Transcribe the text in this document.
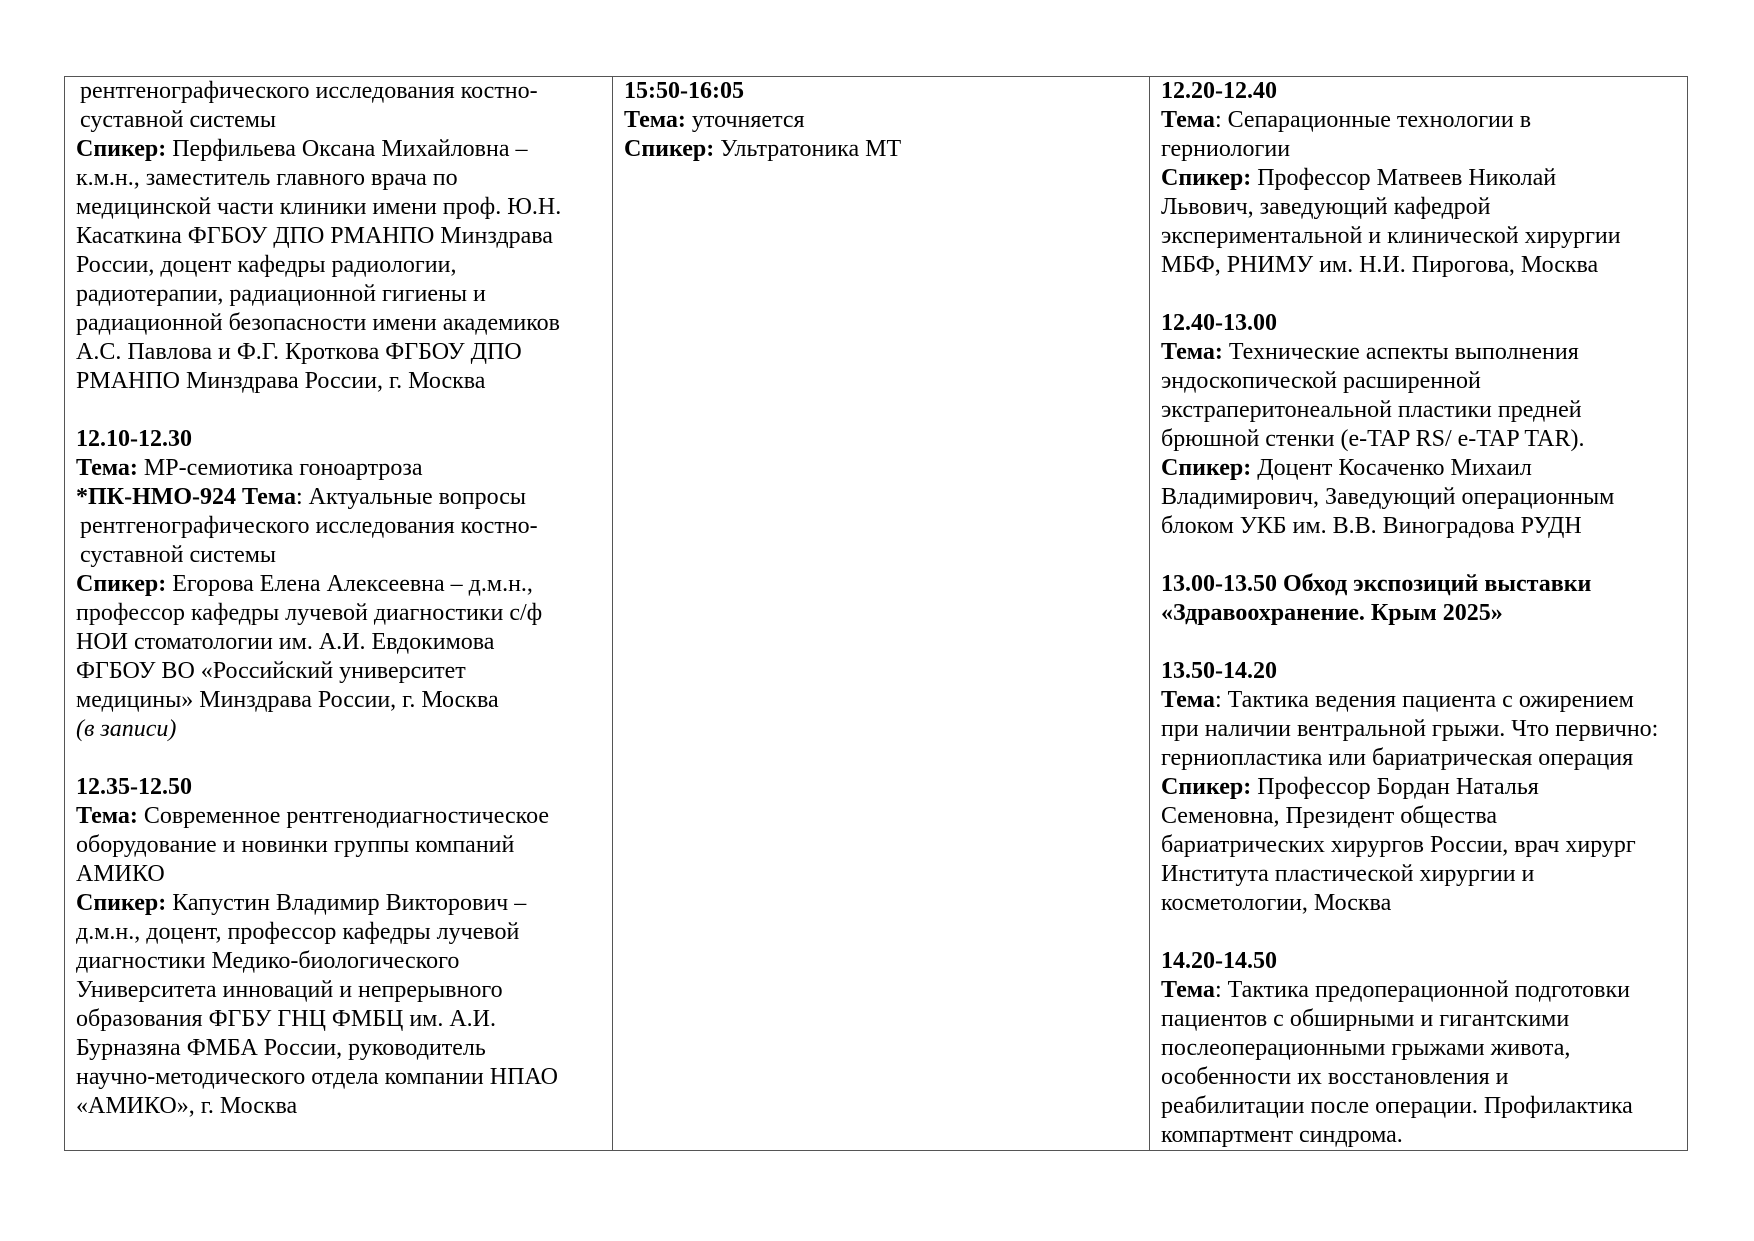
рентгенографического исследования костно-
суставной системы
Спикер: Перфильева Оксана Михайловна –
к.м.н., заместитель главного врача по
медицинской части клиники имени проф. Ю.Н.
Касаткина ФГБОУ ДПО РМАНПО Минздрава
России, доцент кафедры радиологии,
радиотерапии, радиационной гигиены и
радиационной безопасности имени академиков
А.С. Павлова и Ф.Г. Кроткова ФГБОУ ДПО
РМАНПО Минздрава России, г. Москва
12.10-12.30
Тема: МР-семиотика гоноартроза
*ПК-НМО-924 Тема: Актуальные вопросы
рентгенографического исследования костно-
суставной системы
Спикер: Егорова Елена Алексеевна – д.м.н.,
профессор кафедры лучевой диагностики с/ф
НОИ стоматологии им. А.И. Евдокимова
ФГБОУ ВО «Российский университет
медицины» Минздрава России, г. Москва
(в записи)
12.35-12.50
Тема: Современное рентгенодиагностическое
оборудование и новинки группы компаний
АМИКО
Спикер: Капустин Владимир Викторович –
д.м.н., доцент, профессор кафедры лучевой
диагностики Медико-биологического
Университета инноваций и непрерывного
образования ФГБУ ГНЦ ФМБЦ им. А.И.
Бурназяна ФМБА России, руководитель
научно-методического отдела компании НПАО
«АМИКО», г. Москва

15:50-16:05
Тема: уточняется
Спикер: Ультратоника МТ

12.20-12.40
Тема: Сепарационные технологии в
герниологии
Спикер: Профессор Матвеев Николай
Львович, заведующий кафедрой
экспериментальной и клинической хирургии
МБФ, РНИМУ им. Н.И. Пирогова, Москва
12.40-13.00
Тема: Технические аспекты выполнения
эндоскопической расширенной
экстраперитонеальной пластики предней
брюшной стенки (e-TAP RS/ e-TAP TAR).
Спикер: Доцент Косаченко Михаил
Владимирович, Заведующий операционным
блоком УКБ им. В.В. Виноградова РУДН
13.00-13.50 Обход экспозиций выставки
«Здравоохранение. Крым 2025»
13.50-14.20
Тема: Тактика ведения пациента с ожирением
при наличии вентральной грыжи. Что первично:
герниопластика или бариатрическая операция
Спикер: Профессор Бордан Наталья
Семеновна, Президент общества
бариатрических хирургов России, врач хирург
Института пластической хирургии и
косметологии, Москва
14.20-14.50
Тема: Тактика предоперационной подготовки
пациентов с обширными и гигантскими
послеоперационными грыжами живота,
особенности их восстановления и
реабилитации после операции. Профилактика
компартмент синдрома.
